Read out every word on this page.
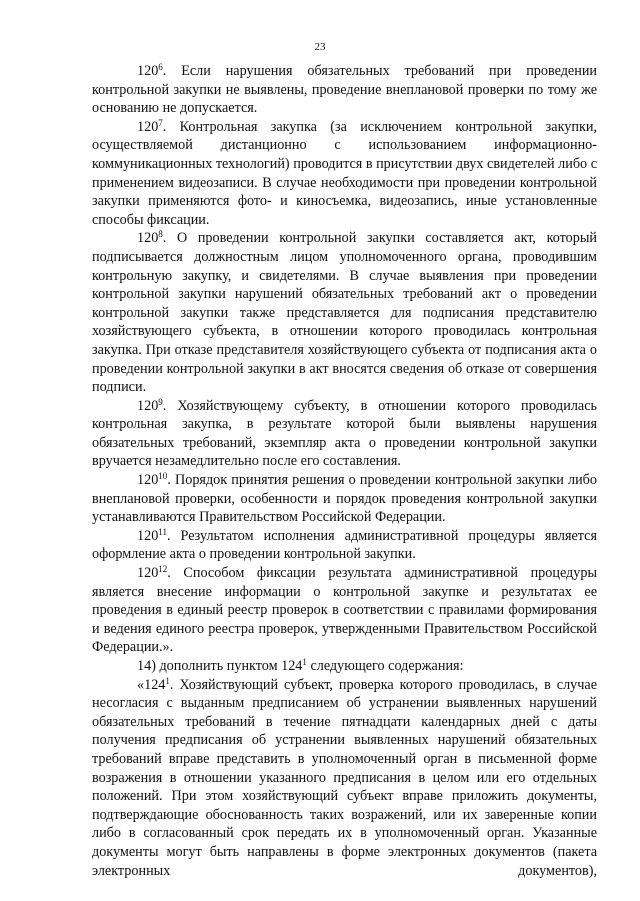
23

$120^6$. Если нарушения обязательных требований при проведении контрольной закупки не выявлены, проведение внеплановой проверки по тому же основанию не допускается.

$120^7$. Контрольная закупка (за исключением контрольной закупки, осуществляемой дистанционно с использованием информационно-коммуникационных технологий) проводится в присутствии двух свидетелей либо с применением видеозаписи. В случае необходимости при проведении контрольной закупки применяются фото- и киносъемка, видеозапись, иные установленные способы фиксации.

$120^8$. О проведении контрольной закупки составляется акт, который подписывается должностным лицом уполномоченного органа, проводившим контрольную закупку, и свидетелями. В случае выявления при проведении контрольной закупки нарушений обязательных требований акт о проведении контрольной закупки также представляется для подписания представителю хозяйствующего субъекта, в отношении которого проводилась контрольная закупка. При отказе представителя хозяйствующего субъекта от подписания акта о проведении контрольной закупки в акт вносятся сведения об отказе от совершения подписи.

$120^9$. Хозяйствующему субъекту, в отношении которого проводилась контрольная закупка, в результате которой были выявлены нарушения обязательных требований, экземпляр акта о проведении контрольной закупки вручается незамедлительно после его составления.

$120^{10}$. Порядок принятия решения о проведении контрольной закупки либо внеплановой проверки, особенности и порядок проведения контрольной закупки устанавливаются Правительством Российской Федерации.

$120^{11}$. Результатом исполнения административной процедуры является оформление акта о проведении контрольной закупки.

$120^{12}$. Способом фиксации результата административной процедуры является внесение информации о контрольной закупке и результатах ее проведения в единый реестр проверок в соответствии с правилами формирования и ведения единого реестра проверок, утвержденными Правительством Российской Федерации.».

14) дополнить пунктом $124^1$ следующего содержания:

«$124^1$. Хозяйствующий субъект, проверка которого проводилась, в случае несогласия с выданным предписанием об устранении выявленных нарушений обязательных требований в течение пятнадцати календарных дней с даты получения предписания об устранении выявленных нарушений обязательных требований вправе представить в уполномоченный орган в письменной форме возражения в отношении указанного предписания в целом или его отдельных положений. При этом хозяйствующий субъект вправе приложить документы, подтверждающие обоснованность таких возражений, или их заверенные копии либо в согласованный срок передать их в уполномоченный орган. Указанные документы могут быть направлены в форме электронных документов (пакета электронных документов),
